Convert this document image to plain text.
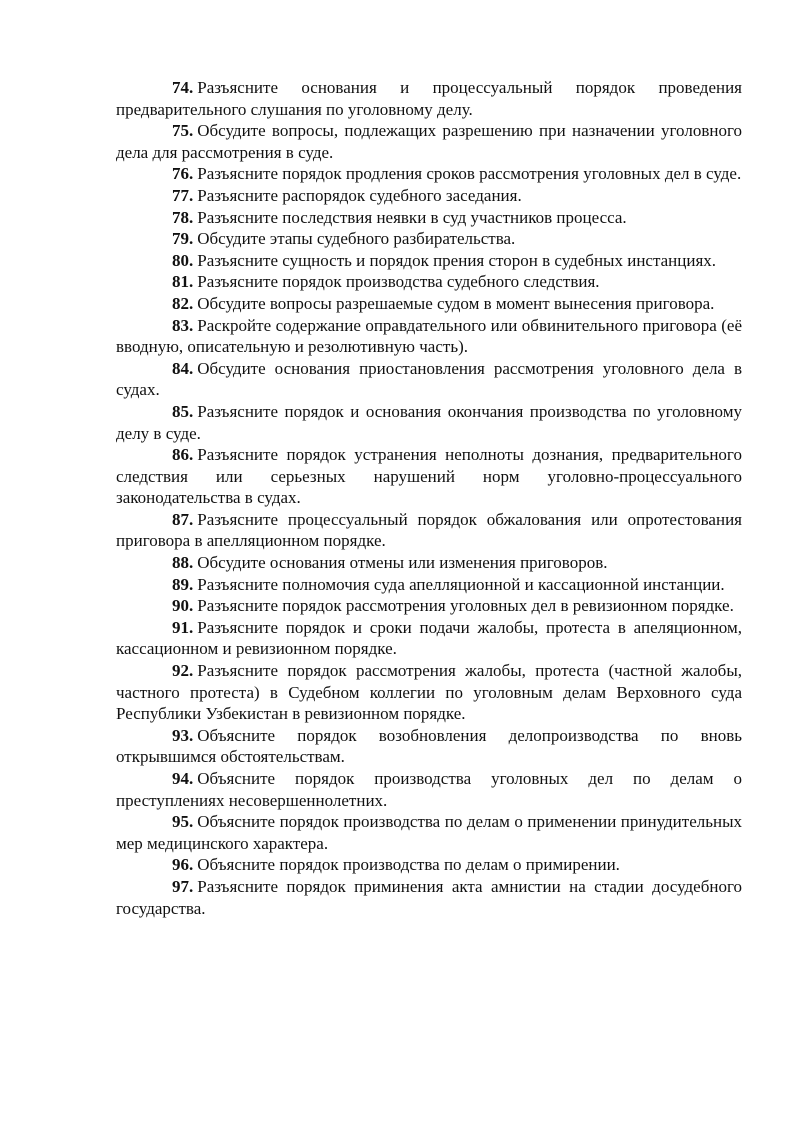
74. Разъясните основания и процессуальный порядок проведения предварительного слушания по уголовному делу.

75. Обсудите вопросы, подлежащих разрешению при назначении уголовного дела для рассмотрения в суде.

76. Разъясните порядок продления сроков рассмотрения уголовных дел в суде.

77. Разъясните распорядок судебного заседания.

78. Разъясните последствия неявки в суд участников процесса.

79. Обсудите этапы судебного разбирательства.

80. Разъясните сущность и порядок прения сторон в судебных инстанциях.

81. Разъясните порядок производства судебного следствия.

82. Обсудите вопросы разрешаемые судом в момент вынесения приговора.

83. Раскройте содержание оправдательного или обвинительного приговора (её вводную, описательную и резолютивную часть).

84. Обсудите основания приостановления рассмотрения уголовного дела в судах.

85. Разъясните порядок и основания окончания производства по уголовному делу в суде.

86. Разъясните порядок устранения неполноты дознания, предварительного следствия или серьезных нарушений норм уголовно-процессуального законодательства в судах.

87. Разъясните процессуальный порядок обжалования или опротестования приговора в апелляционном порядке.

88. Обсудите основания отмены или изменения приговоров.

89. Разъясните полномочия суда апелляционной и кассационной инстанции.

90. Разъясните порядок рассмотрения уголовных дел в ревизионном порядке.

91. Разъясните порядок и сроки подачи жалобы, протеста в апеляционном, кассационном и ревизионном порядке.

92. Разъясните порядок рассмотрения жалобы, протеста (частной жалобы, частного протеста) в Судебном коллегии по уголовным делам Верховного суда Республики Узбекистан в ревизионном порядке.

93. Объясните порядок возобновления делопроизводства по вновь открывшимся обстоятельствам.

94. Объясните порядок производства уголовных дел по делам о преступлениях несовершеннолетних.

95. Объясните порядок производства по делам о применении принудительных мер медицинского характера.

96. Объясните порядок производства по делам о примирении.

97. Разъясните порядок приминения акта амнистии на стадии досудебного государства.
